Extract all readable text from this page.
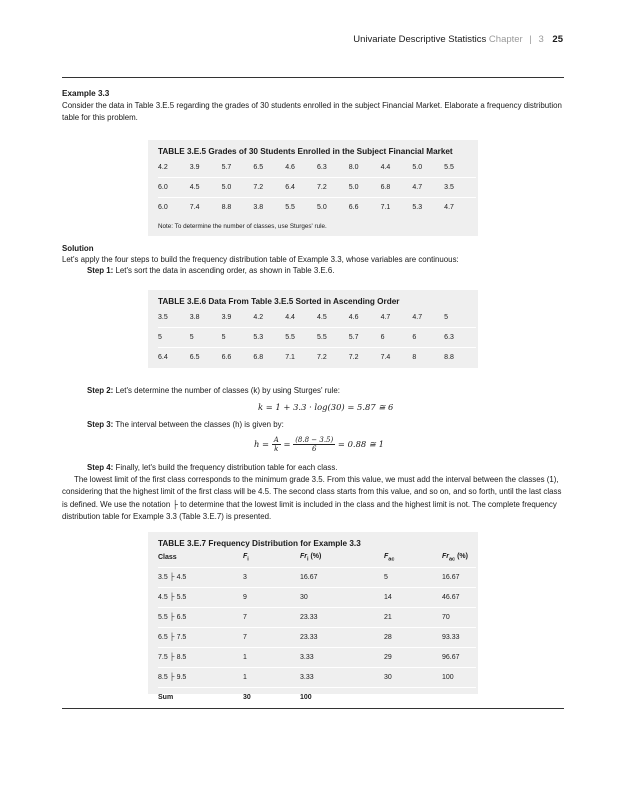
Univariate Descriptive Statistics Chapter | 3 25
Example 3.3

Consider the data in Table 3.E.5 regarding the grades of 30 students enrolled in the subject Financial Market. Elaborate a frequency distribution table for this problem.

TABLE 3.E.5 Grades of 30 Students Enrolled in the Subject Financial Market
4.2	3.9	5.7	6.5	4.6	6.3	8.0	4.4	5.0	5.5
6.0	4.5	5.0	7.2	6.4	7.2	5.0	6.8	4.7	3.5
6.0	7.4	8.8	3.8	5.5	5.0	6.6	7.1	5.3	4.7
Note: To determine the number of classes, use Sturges' rule.
Solution
Let's apply the four steps to build the frequency distribution table of Example 3.3, whose variables are continuous:
Step 1: Let's sort the data in ascending order, as shown in Table 3.E.6.
TABLE 3.E.6 Data From Table 3.E.5 Sorted in Ascending Order
3.5	3.8	3.9	4.2	4.4	4.5	4.6	4.7	4.7	5
5	5	5	5.3	5.5	5.5	5.7	6	6	6.3
6.4	6.5	6.6	6.8	7.1	7.2	7.2	7.4	8	8.8
Step 2: Let's determine the number of classes (k) by using Sturges' rule:
k = 1 + 3.3 · log(30) = 5.87 ≅ 6
Step 3: The interval between the classes (h) is given by:
$h = \frac{A}{k} = \frac{(8.8 - 3.5)}{6} = 0.88$ ≅ 1
Step 4: Finally, let's build the frequency distribution table for each class.

The lowest limit of the first class corresponds to the minimum grade 3.5. From this value, we must add the interval between the classes (1), considering that the highest limit of the first class will be 4.5. The second class starts from this value, and so on, and so forth, until the last class is defined. We use the notation ├ to determine that the lowest limit is included in the class and the highest limit is not. The complete frequency distribution table for Example 3.3 (Table 3.E.7) is presented.

TABLE 3.E.7 Frequency Distribution for Example 3.3
Class	$F_i$	$Fr_i$ (%)	$F_{ac}$	$Fr_{ac}$ (%)
3.5 ├ 4.5	3	16.67	5	16.67
4.5 ├ 5.5	9	30	14	46.67
5.5 ├ 6.5	7	23.33	21	70
6.5 ├ 7.5	7	23.33	28	93.33
7.5 ├ 8.5	1	3.33	29	96.67
8.5 ├ 9.5	1	3.33	30	100
Sum	30	100		
